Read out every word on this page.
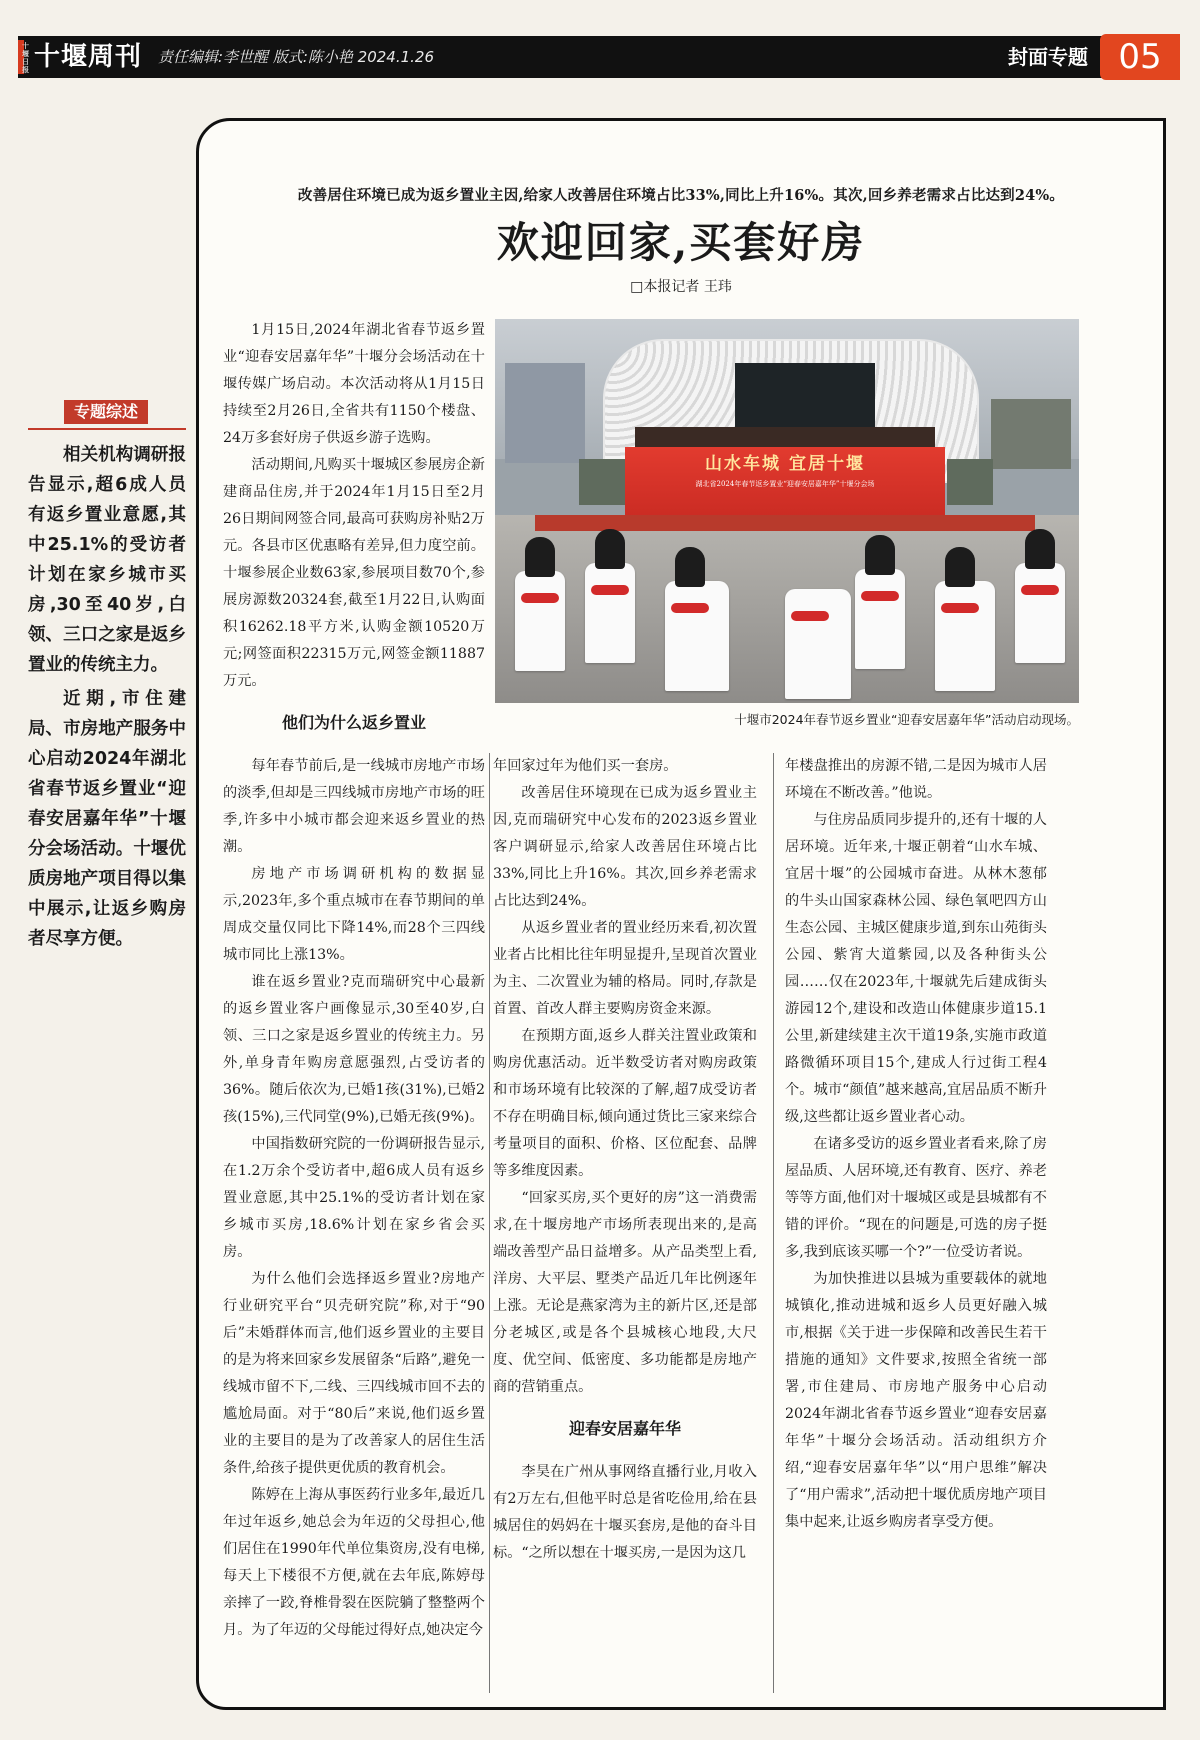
十堰日报 十堰周刊 责任编辑:李世醒 版式:陈小艳 2024.1.26	封面专题 05
专题综述

相关机构调研报告显示,超6成人员有返乡置业意愿,其中25.1%的受访者计划在家乡城市买房,30至40岁,白领、三口之家是返乡置业的传统主力。

近期,市住建局、市房地产服务中心启动2024年湖北省春节返乡置业“迎春安居嘉年华”十堰分会场活动。十堰优质房地产项目得以集中展示,让返乡购房者尽享方便。

改善居住环境已成为返乡置业主因,给家人改善居住环境占比33%,同比上升16%。其次,回乡养老需求占比达到24%。
欢迎回家,买套好房
□本报记者 王玮

1月15日,2024年湖北省春节返乡置业“迎春安居嘉年华”十堰分会场活动在十堰传媒广场启动。本次活动将从1月15日持续至2月26日,全省共有1150个楼盘、24万多套好房子供返乡游子选购。

活动期间,凡购买十堰城区参展房企新建商品住房,并于2024年1月15日至2月26日期间网签合同,最高可获购房补贴2万元。各县市区优惠略有差异,但力度空前。十堰参展企业数63家,参展项目数70个,参展房源数20324套,截至1月22日,认购面积16262.18平方米,认购金额10520万元;网签面积22315万元,网签金额11887万元。

他们为什么返乡置业

每年春节前后,是一线城市房地产市场的淡季,但却是三四线城市房地产市场的旺季,许多中小城市都会迎来返乡置业的热潮。

房地产市场调研机构的数据显示,2023年,多个重点城市在春节期间的单周成交量仅同比下降14%,而28个三四线城市同比上涨13%。

谁在返乡置业?克而瑞研究中心最新的返乡置业客户画像显示,30至40岁,白领、三口之家是返乡置业的传统主力。另外,单身青年购房意愿强烈,占受访者的36%。随后依次为,已婚1孩(31%),已婚2孩(15%),三代同堂(9%),已婚无孩(9%)。

中国指数研究院的一份调研报告显示,在1.2万余个受访者中,超6成人员有返乡置业意愿,其中25.1%的受访者计划在家乡城市买房,18.6%计划在家乡省会买房。

为什么他们会选择返乡置业?房地产行业研究平台“贝壳研究院”称,对于“90后”未婚群体而言,他们返乡置业的主要目的是为将来回家乡发展留条“后路”,避免一线城市留不下,二线、三四线城市回不去的尴尬局面。对于“80后”来说,他们返乡置业的主要目的是为了改善家人的居住生活条件,给孩子提供更优质的教育机会。

陈婷在上海从事医药行业多年,最近几年过年返乡,她总会为年迈的父母担心,他们居住在1990年代单位集资房,没有电梯,每天上下楼很不方便,就在去年底,陈婷母亲摔了一跤,脊椎骨裂在医院躺了整整两个月。为了年迈的父母能过得好点,她决定今

山水车城 宜居十堰
湖北省2024年春节返乡置业“迎春安居嘉年华”十堰分会场
十堰市2024年春节返乡置业“迎春安居嘉年华”活动启动现场。

年回家过年为他们买一套房。

改善居住环境现在已成为返乡置业主因,克而瑞研究中心发布的2023返乡置业客户调研显示,给家人改善居住环境占比33%,同比上升16%。其次,回乡养老需求占比达到24%。

从返乡置业者的置业经历来看,初次置业者占比相比往年明显提升,呈现首次置业为主、二次置业为辅的格局。同时,存款是首置、首改人群主要购房资金来源。

在预期方面,返乡人群关注置业政策和购房优惠活动。近半数受访者对购房政策和市场环境有比较深的了解,超7成受访者不存在明确目标,倾向通过货比三家来综合考量项目的面积、价格、区位配套、品牌等多维度因素。

“回家买房,买个更好的房”这一消费需求,在十堰房地产市场所表现出来的,是高端改善型产品日益增多。从产品类型上看,洋房、大平层、墅类产品近几年比例逐年上涨。无论是燕家湾为主的新片区,还是部分老城区,或是各个县城核心地段,大尺度、优空间、低密度、多功能都是房地产商的营销重点。

迎春安居嘉年华

李昊在广州从事网络直播行业,月收入有2万左右,但他平时总是省吃俭用,给在县城居住的妈妈在十堰买套房,是他的奋斗目标。“之所以想在十堰买房,一是因为这几

年楼盘推出的房源不错,二是因为城市人居环境在不断改善。”他说。

与住房品质同步提升的,还有十堰的人居环境。近年来,十堰正朝着“山水车城、宜居十堰”的公园城市奋进。从林木葱郁的牛头山国家森林公园、绿色氧吧四方山生态公园、主城区健康步道,到东山苑街头公园、紫宵大道紫园,以及各种街头公园……仅在2023年,十堰就先后建成街头游园12个,建设和改造山体健康步道15.1公里,新建续建主次干道19条,实施市政道路微循环项目15个,建成人行过街工程4个。城市“颜值”越来越高,宜居品质不断升级,这些都让返乡置业者心动。

在诸多受访的返乡置业者看来,除了房屋品质、人居环境,还有教育、医疗、养老等等方面,他们对十堰城区或是县城都有不错的评价。“现在的问题是,可选的房子挺多,我到底该买哪一个?”一位受访者说。

为加快推进以县城为重要载体的就地城镇化,推动进城和返乡人员更好融入城市,根据《关于进一步保障和改善民生若干措施的通知》文件要求,按照全省统一部署,市住建局、市房地产服务中心启动2024年湖北省春节返乡置业“迎春安居嘉年华”十堰分会场活动。活动组织方介绍,“迎春安居嘉年华”以“用户思维”解决了“用户需求”,活动把十堰优质房地产项目集中起来,让返乡购房者享受方便。
